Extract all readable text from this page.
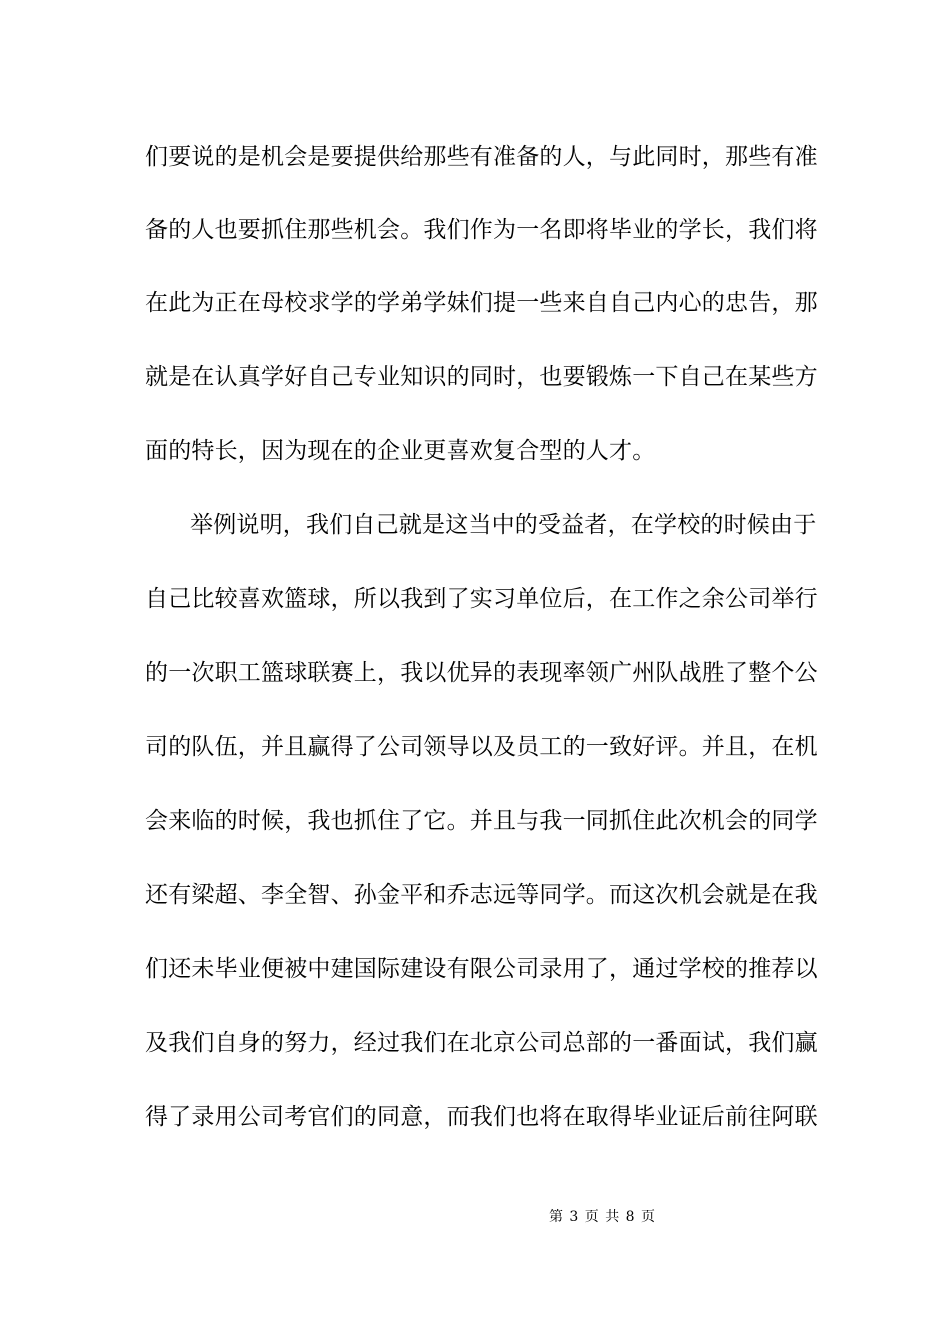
们要说的是机会是要提供给那些有准备的人，与此同时，那些有准
备的人也要抓住那些机会。我们作为一名即将毕业的学长，我们将
在此为正在母校求学的学弟学妹们提一些来自自己内心的忠告，那
就是在认真学好自己专业知识的同时，也要锻炼一下自己在某些方
面的特长，因为现在的企业更喜欢复合型的人才。
举例说明，我们自己就是这当中的受益者，在学校的时候由于
自己比较喜欢篮球，所以我到了实习单位后，在工作之余公司举行
的一次职工篮球联赛上，我以优异的表现率领广州队战胜了整个公
司的队伍，并且赢得了公司领导以及员工的一致好评。并且，在机
会来临的时候，我也抓住了它。并且与我一同抓住此次机会的同学
还有梁超、李全智、孙金平和乔志远等同学。而这次机会就是在我
们还未毕业便被中建国际建设有限公司录用了，通过学校的推荐以
及我们自身的努力，经过我们在北京公司总部的一番面试，我们赢
得了录用公司考官们的同意，而我们也将在取得毕业证后前往阿联
第 3 页 共 8 页
